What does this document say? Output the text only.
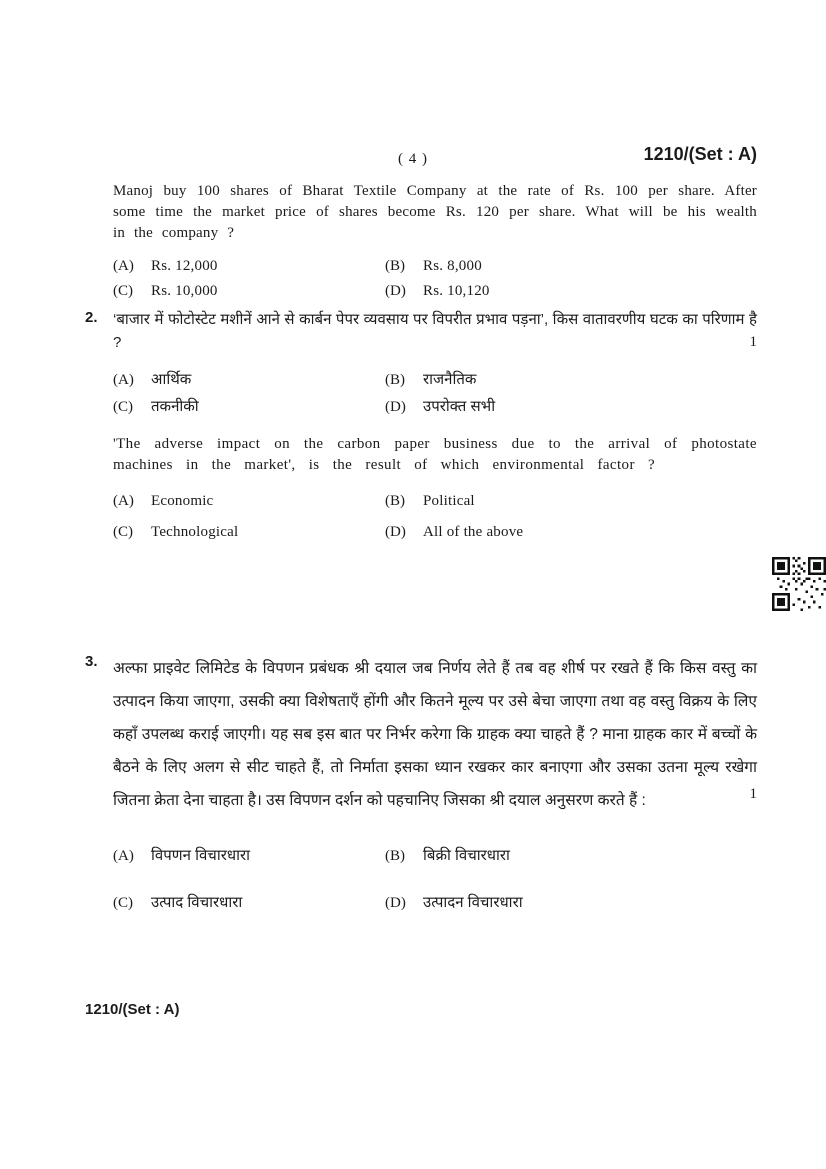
( 4 )	1210/(Set : A)

Manoj buy 100 shares of Bharat Textile Company at the rate of Rs. 100 per share. After some time the market price of shares become Rs. 120 per share. What will be his wealth in the company ?

(A)	Rs. 12,000	(B)	Rs. 8,000
(C)	Rs. 10,000	(D)	Rs. 10,120
2. ‘बाजार में फोटोस्टेट मशीनें आने से कार्बन पेपर व्यवसाय पर विपरीत प्रभाव पड़ना’, किस वातावरणीय घटक का परिणाम है ?	1

(A)	आर्थिक	(B)	राजनैतिक
(C)	तकनीकी	(D)	उपरोक्त सभी

'The adverse impact on the carbon paper business due to the arrival of photostate machines in the market', is the result of which environmental factor ?

(A)	Economic	(B)	Political
(C)	Technological	(D)	All of the above
3. अल्फा प्राइवेट लिमिटेड के विपणन प्रबंधक श्री दयाल जब निर्णय लेते हैं तब वह शीर्ष पर रखते हैं कि किस वस्तु का उत्पादन किया जाएगा, उसकी क्या विशेषताएँ होंगी और कितने मूल्य पर उसे बेचा जाएगा तथा वह वस्तु विक्रय के लिए कहाँ उपलब्ध कराई जाएगी। यह सब इस बात पर निर्भर करेगा कि ग्राहक क्या चाहते हैं ? माना ग्राहक कार में बच्चों के बैठने के लिए अलग से सीट चाहते हैं, तो निर्माता इसका ध्यान रखकर कार बनाएगा और उसका उतना मूल्य रखेगा जितना क्रेता देना चाहता है। उस विपणन दर्शन को पहचानिए जिसका श्री दयाल अनुसरण करते हैं :	1

(A)	विपणन विचारधारा	(B)	बिक्री विचारधारा
(C)	उत्पाद विचारधारा	(D)	उत्पादन विचारधारा
1210/(Set : A)
